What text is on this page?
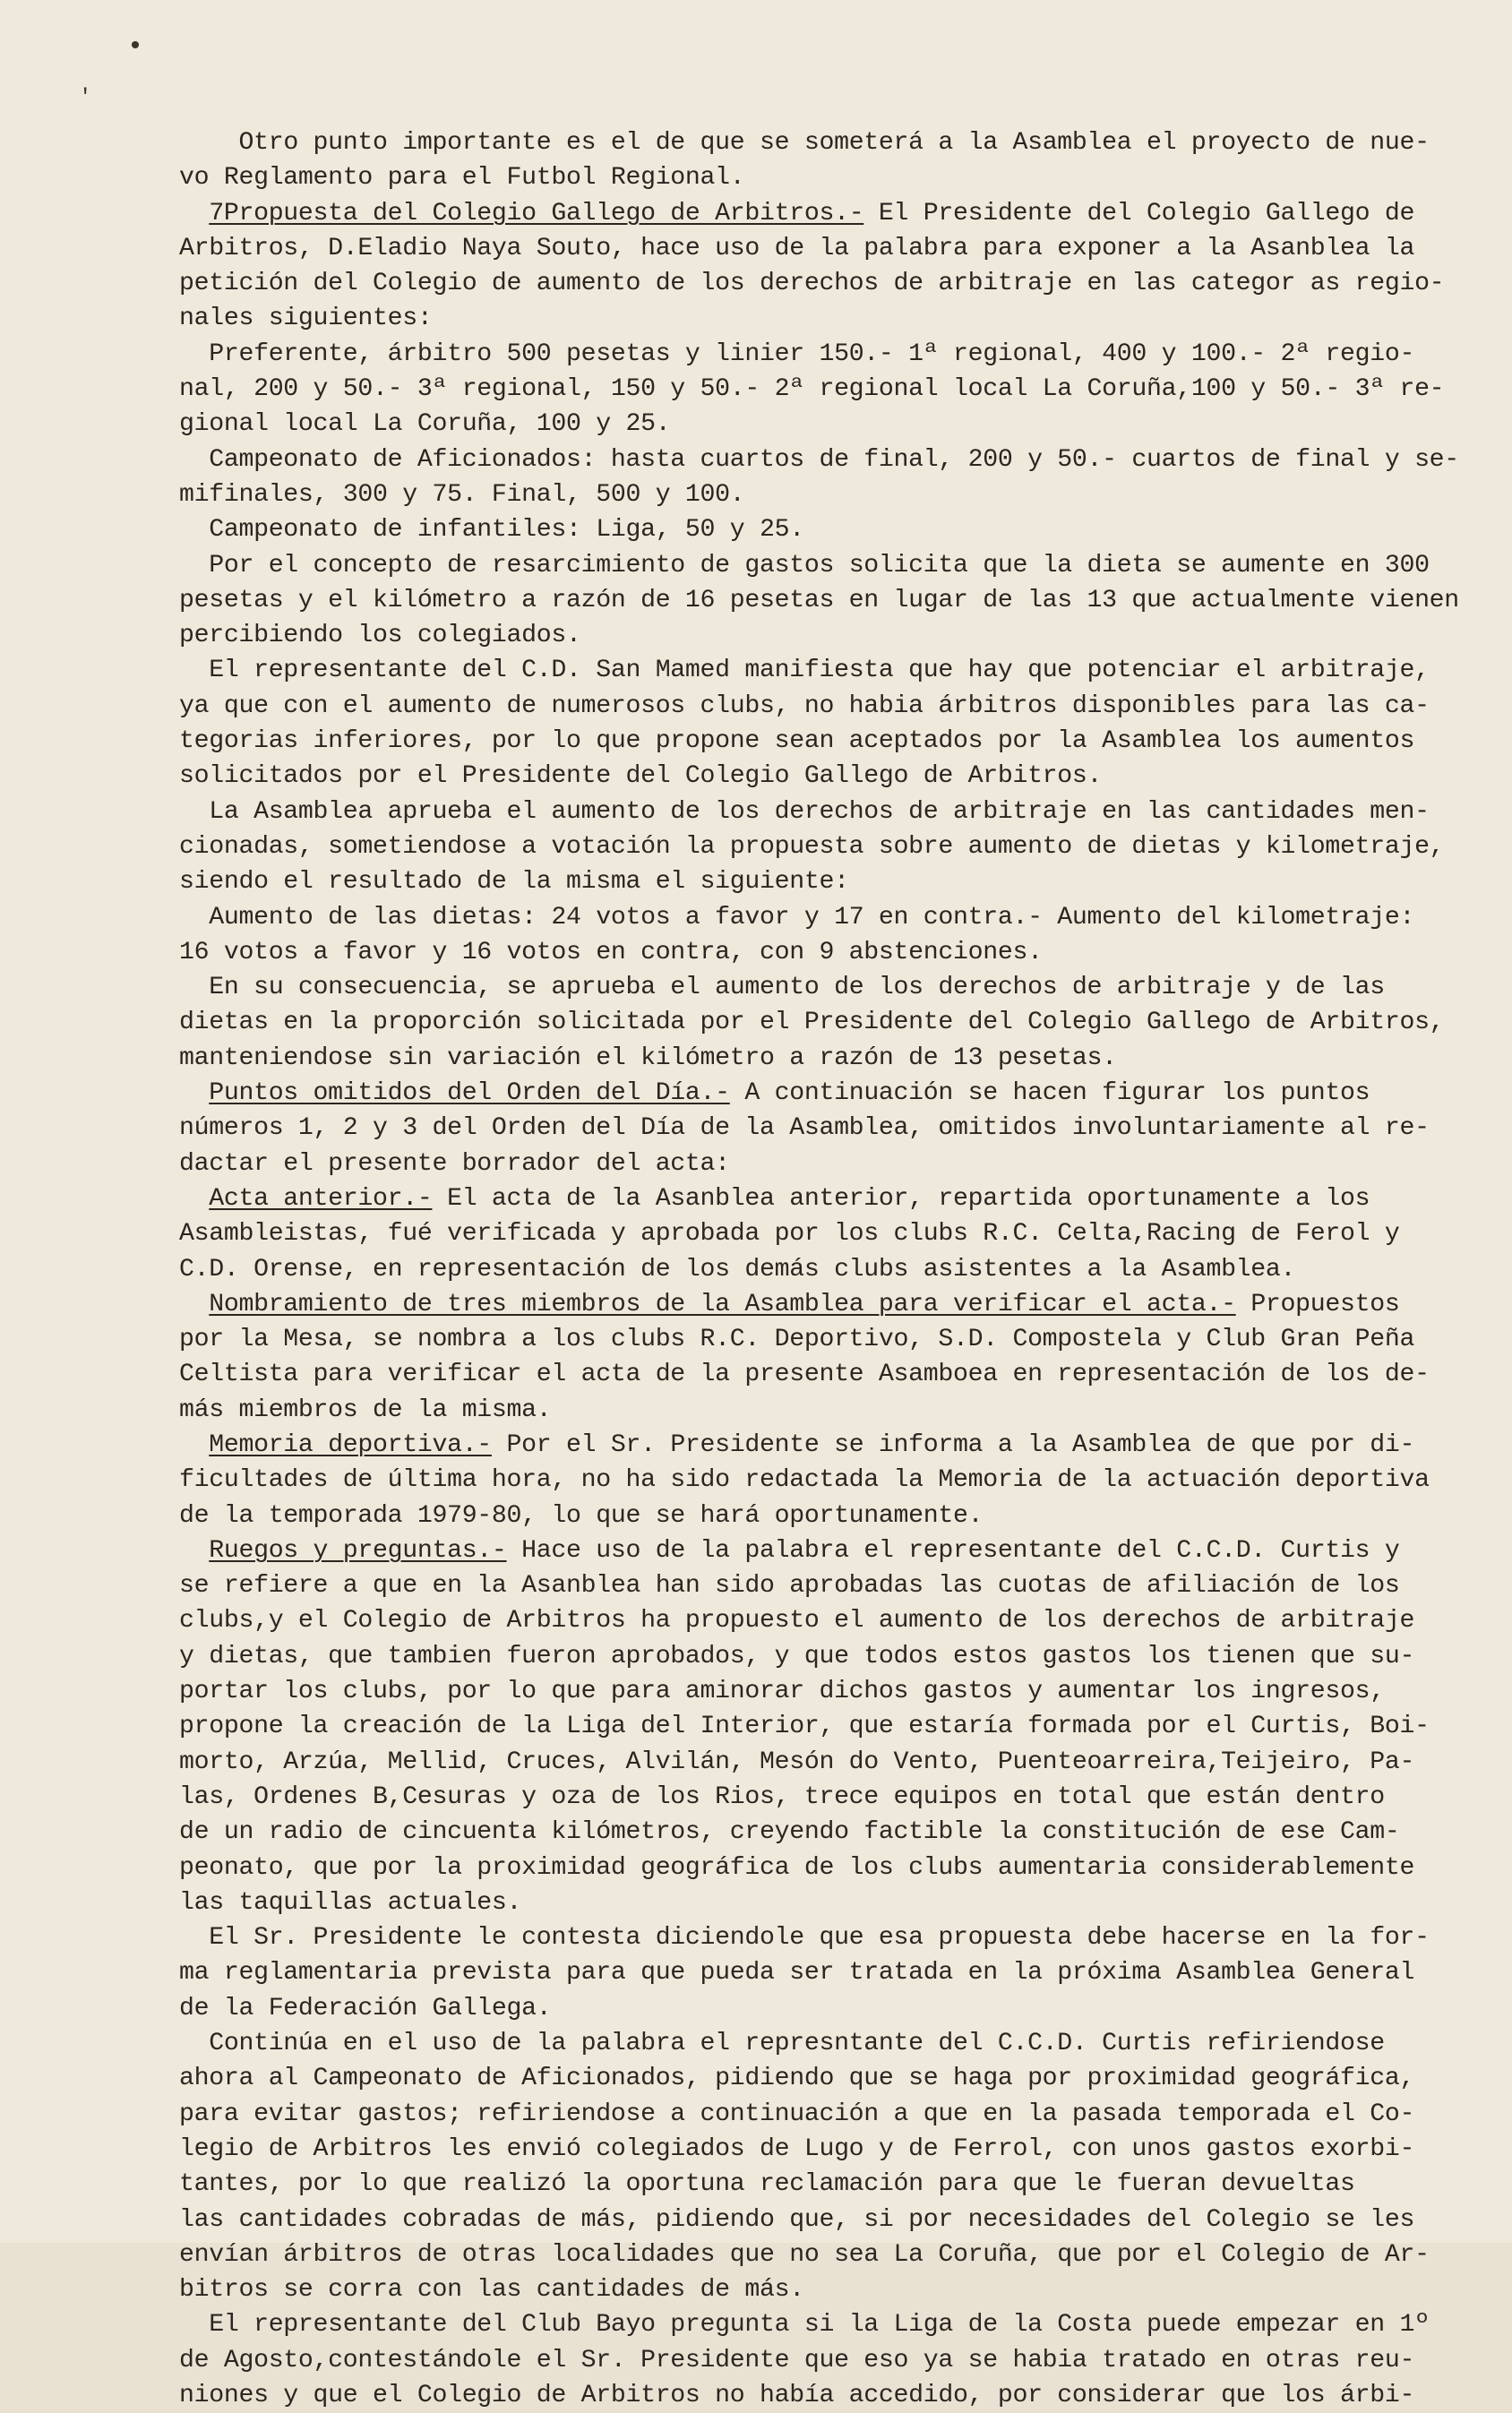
•
'
Otro punto importante es el de que se someterá a la Asamblea el proyecto de nue-
vo Reglamento para el Futbol Regional.
7Propuesta del Colegio Gallego de Arbitros.- El Presidente del Colegio Gallego de
Arbitros, D.Eladio Naya Souto, hace uso de la palabra para exponer a la Asanblea la
petición del Colegio de aumento de los derechos de arbitraje en las categor as regio-
nales siguientes:
Preferente, árbitro 500 pesetas y linier 150.- 1ª regional, 400 y 100.- 2ª regio-
nal, 200 y 50.- 3ª regional, 150 y 50.- 2ª regional local La Coruña,100 y 50.- 3ª re-
gional local La Coruña, 100 y 25.
Campeonato de Aficionados: hasta cuartos de final, 200 y 50.- cuartos de final y se-
mifinales, 300 y 75. Final, 500 y 100.
Campeonato de infantiles: Liga, 50 y 25.
Por el concepto de resarcimiento de gastos solicita que la dieta se aumente en 300
pesetas y el kilómetro a razón de 16 pesetas en lugar de las 13 que actualmente vienen
percibiendo los colegiados.
El representante del C.D. San Mamed manifiesta que hay que potenciar el arbitraje,
ya que con el aumento de numerosos clubs, no habia árbitros disponibles para las ca-
tegorias inferiores, por lo que propone sean aceptados por la Asamblea los aumentos
solicitados por el Presidente del Colegio Gallego de Arbitros.
La Asamblea aprueba el aumento de los derechos de arbitraje en las cantidades men-
cionadas, sometiendose a votación la propuesta sobre aumento de dietas y kilometraje,
siendo el resultado de la misma el siguiente:
Aumento de las dietas: 24 votos a favor y 17 en contra.- Aumento del kilometraje:
16 votos a favor y 16 votos en contra, con 9 abstenciones.
En su consecuencia, se aprueba el aumento de los derechos de arbitraje y de las
dietas en la proporción solicitada por el Presidente del Colegio Gallego de Arbitros,
manteniendose sin variación el kilómetro a razón de 13 pesetas.
Puntos omitidos del Orden del Día.- A continuación se hacen figurar los puntos
números 1, 2 y 3 del Orden del Día de la Asamblea, omitidos involuntariamente al re-
dactar el presente borrador del acta:
Acta anterior.- El acta de la Asanblea anterior, repartida oportunamente a los
Asambleistas, fué verificada y aprobada por los clubs R.C. Celta,Racing de Ferol y
C.D. Orense, en representación de los demás clubs asistentes a la Asamblea.
Nombramiento de tres miembros de la Asamblea para verificar el acta.- Propuestos
por la Mesa, se nombra a los clubs R.C. Deportivo, S.D. Compostela y Club Gran Peña
Celtista para verificar el acta de la presente Asamboea en representación de los de-
más miembros de la misma.
Memoria deportiva.- Por el Sr. Presidente se informa a la Asamblea de que por di-
ficultades de última hora, no ha sido redactada la Memoria de la actuación deportiva
de la temporada 1979-80, lo que se hará oportunamente.
Ruegos y preguntas.- Hace uso de la palabra el representante del C.C.D. Curtis y
se refiere a que en la Asanblea han sido aprobadas las cuotas de afiliación de los
clubs,y el Colegio de Arbitros ha propuesto el aumento de los derechos de arbitraje
y dietas, que tambien fueron aprobados, y que todos estos gastos los tienen que su-
portar los clubs, por lo que para aminorar dichos gastos y aumentar los ingresos,
propone la creación de la Liga del Interior, que estaría formada por el Curtis, Boi-
morto, Arzúa, Mellid, Cruces, Alvilán, Mesón do Vento, Puenteoarreira,Teijeiro, Pa-
las, Ordenes B,Cesuras y oza de los Rios, trece equipos en total que están dentro
de un radio de cincuenta kilómetros, creyendo factible la constitución de ese Cam-
peonato, que por la proximidad geográfica de los clubs aumentaria considerablemente
las taquillas actuales.
El Sr. Presidente le contesta diciendole que esa propuesta debe hacerse en la for-
ma reglamentaria prevista para que pueda ser tratada en la próxima Asamblea General
de la Federación Gallega.
Continúa en el uso de la palabra el represntante del C.C.D. Curtis refiriendose
ahora al Campeonato de Aficionados, pidiendo que se haga por proximidad geográfica,
para evitar gastos; refiriendose a continuación a que en la pasada temporada el Co-
legio de Arbitros les envió colegiados de Lugo y de Ferrol, con unos gastos exorbi-
tantes, por lo que realizó la oportuna reclamación para que le fueran devueltas
las cantidades cobradas de más, pidiendo que, si por necesidades del Colegio se les
envían árbitros de otras localidades que no sea La Coruña, que por el Colegio de Ar-
bitros se corra con las cantidades de más.
El representante del Club Bayo pregunta si la Liga de la Costa puede empezar en 1º
de Agosto,contestándole el Sr. Presidente que eso ya se habia tratado en otras reu-
niones y que el Colegio de Arbitros no había accedido, por considerar que los árbi-
